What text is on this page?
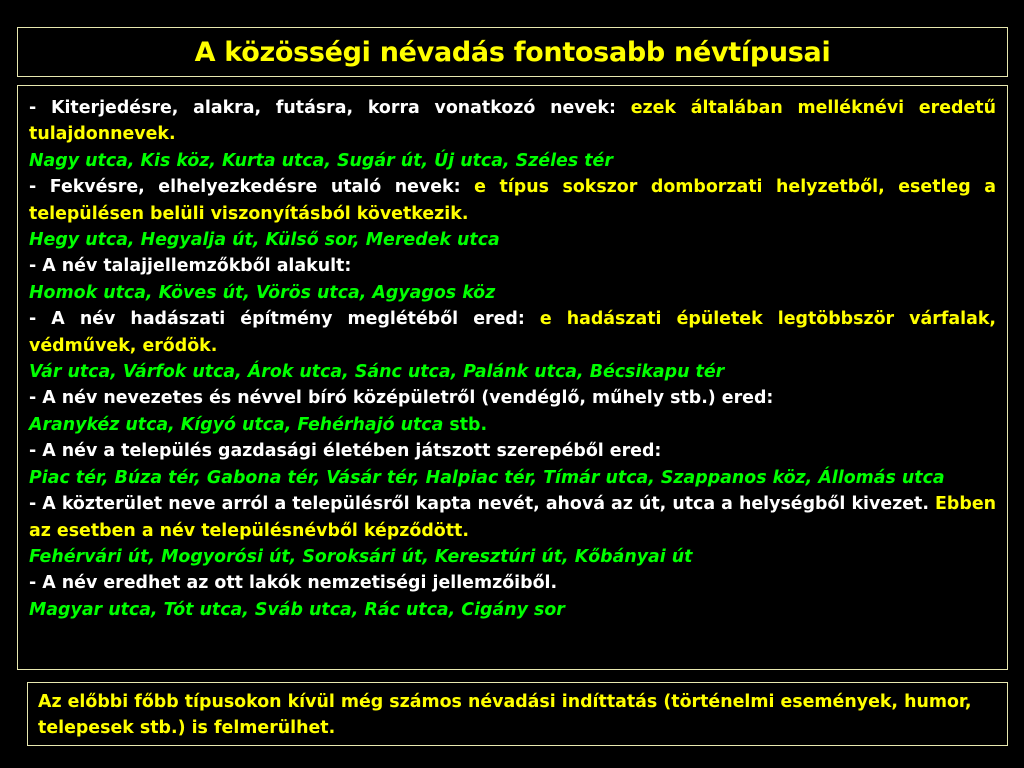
A közösségi névadás fontosabb névtípusai

- Kiterjedésre, alakra, futásra, korra vonatkozó nevek: ezek általában melléknévi eredetű tulajdonnevek.

Nagy utca, Kis köz, Kurta utca, Sugár út, Új utca, Széles tér

- Fekvésre, elhelyezkedésre utaló nevek: e típus sokszor domborzati helyzetből, esetleg a településen belüli viszonyításból következik.

Hegy utca, Hegyalja út, Külső sor, Meredek utca

- A név talajjellemzőkből alakult:

Homok utca, Köves út, Vörös utca, Agyagos köz

- A név hadászati építmény meglétéből ered: e hadászati épületek legtöbbször várfalak, védművek, erődök.

Vár utca, Várfok utca, Árok utca, Sánc utca, Palánk utca, Bécsikapu tér

- A név nevezetes és névvel bíró középületről (vendéglő, műhely stb.) ered:

Aranykéz utca, Kígyó utca, Fehérhajó utca stb.

- A név a település gazdasági életében játszott szerepéből ered:

Piac tér, Búza tér, Gabona tér, Vásár tér, Halpiac tér, Tímár utca, Szappanos köz, Állomás utca

- A közterület neve arról a településről kapta nevét, ahová az út, utca a helységből kivezet. Ebben az esetben a név településnévből képződött.

Fehérvári út, Mogyorósi út, Soroksári út, Keresztúri út, Kőbányai út

- A név eredhet az ott lakók nemzetiségi jellemzőiből.

Magyar utca, Tót utca, Sváb utca, Rác utca, Cigány sor

Az előbbi főbb típusokon kívül még számos névadási indíttatás (történelmi események, humor, telepesek stb.) is felmerülhet.
